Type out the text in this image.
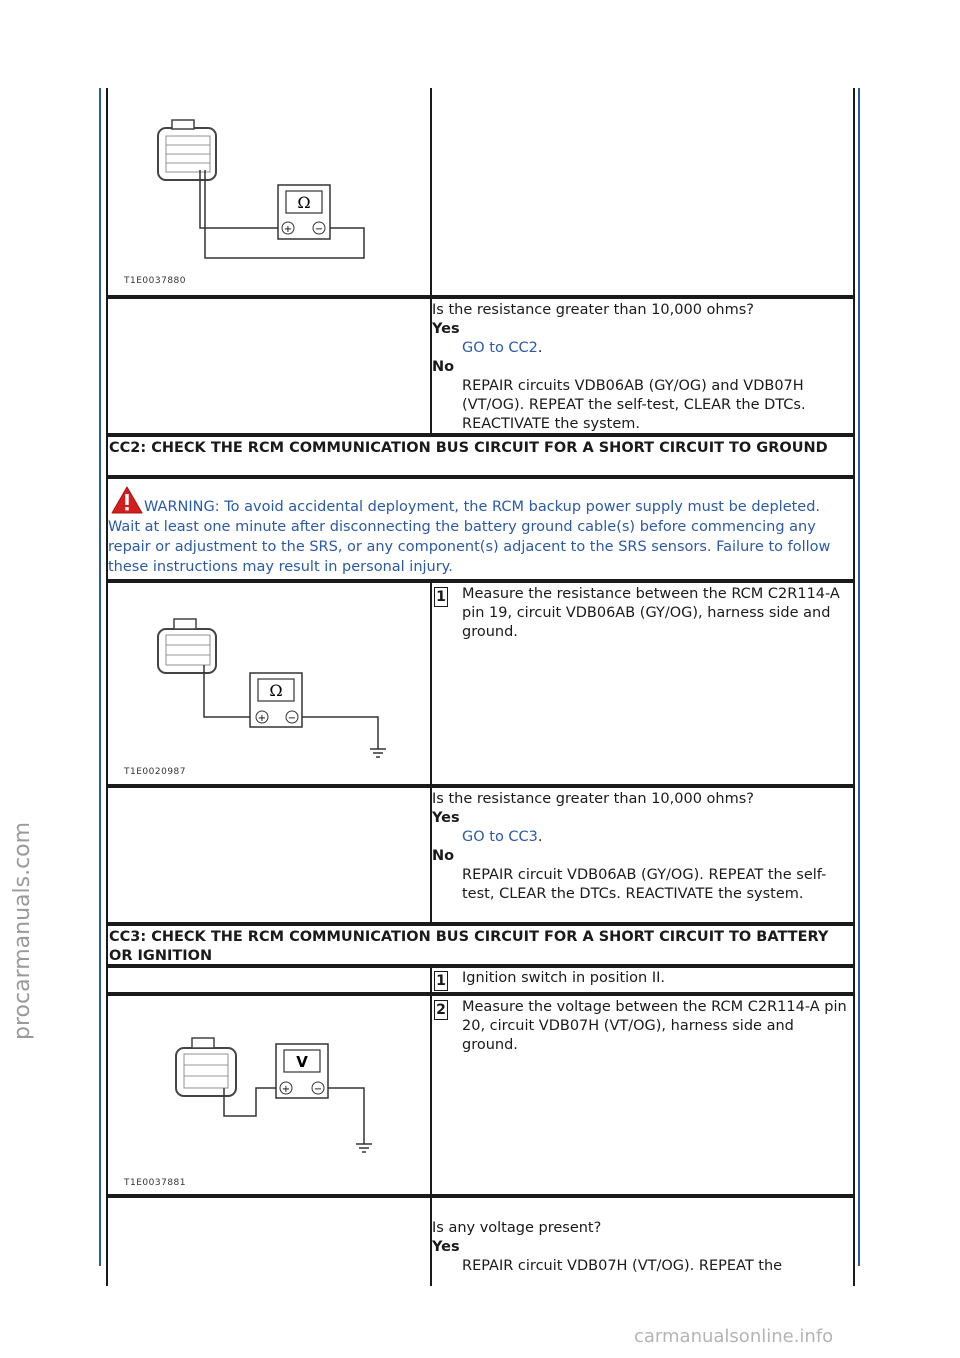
procarmanuals.com
carmanualsonline.info
Ω
+ −
T1E0037880
Is the resistance greater than 10,000 ohms?
Yes
GO to CC2.
No
REPAIR circuits VDB06AB (GY/OG) and VDB07H (VT/OG). REPEAT the self-test, CLEAR the DTCs. REACTIVATE the system.
CC2: CHECK THE RCM COMMUNICATION BUS CIRCUIT FOR A SHORT CIRCUIT TO GROUND
WARNING: To avoid accidental deployment, the RCM backup power supply must be depleted. Wait at least one minute after disconnecting the battery ground cable(s) before commencing any repair or adjustment to the SRS, or any component(s) adjacent to the SRS sensors. Failure to follow these instructions may result in personal injury.
Ω
+ −
T1E0020987
1 Measure the resistance between the RCM C2R114-A pin 19, circuit VDB06AB (GY/OG), harness side and ground.
Is the resistance greater than 10,000 ohms?
Yes
GO to CC3.
No
REPAIR circuit VDB06AB (GY/OG). REPEAT the self-test, CLEAR the DTCs. REACTIVATE the system.
CC3: CHECK THE RCM COMMUNICATION BUS CIRCUIT FOR A SHORT CIRCUIT TO BATTERY OR IGNITION
1 Ignition switch in position II.
V
+ −
T1E0037881
2 Measure the voltage between the RCM C2R114-A pin 20, circuit VDB07H (VT/OG), harness side and ground.
Is any voltage present?
Yes
REPAIR circuit VDB07H (VT/OG). REPEAT the
